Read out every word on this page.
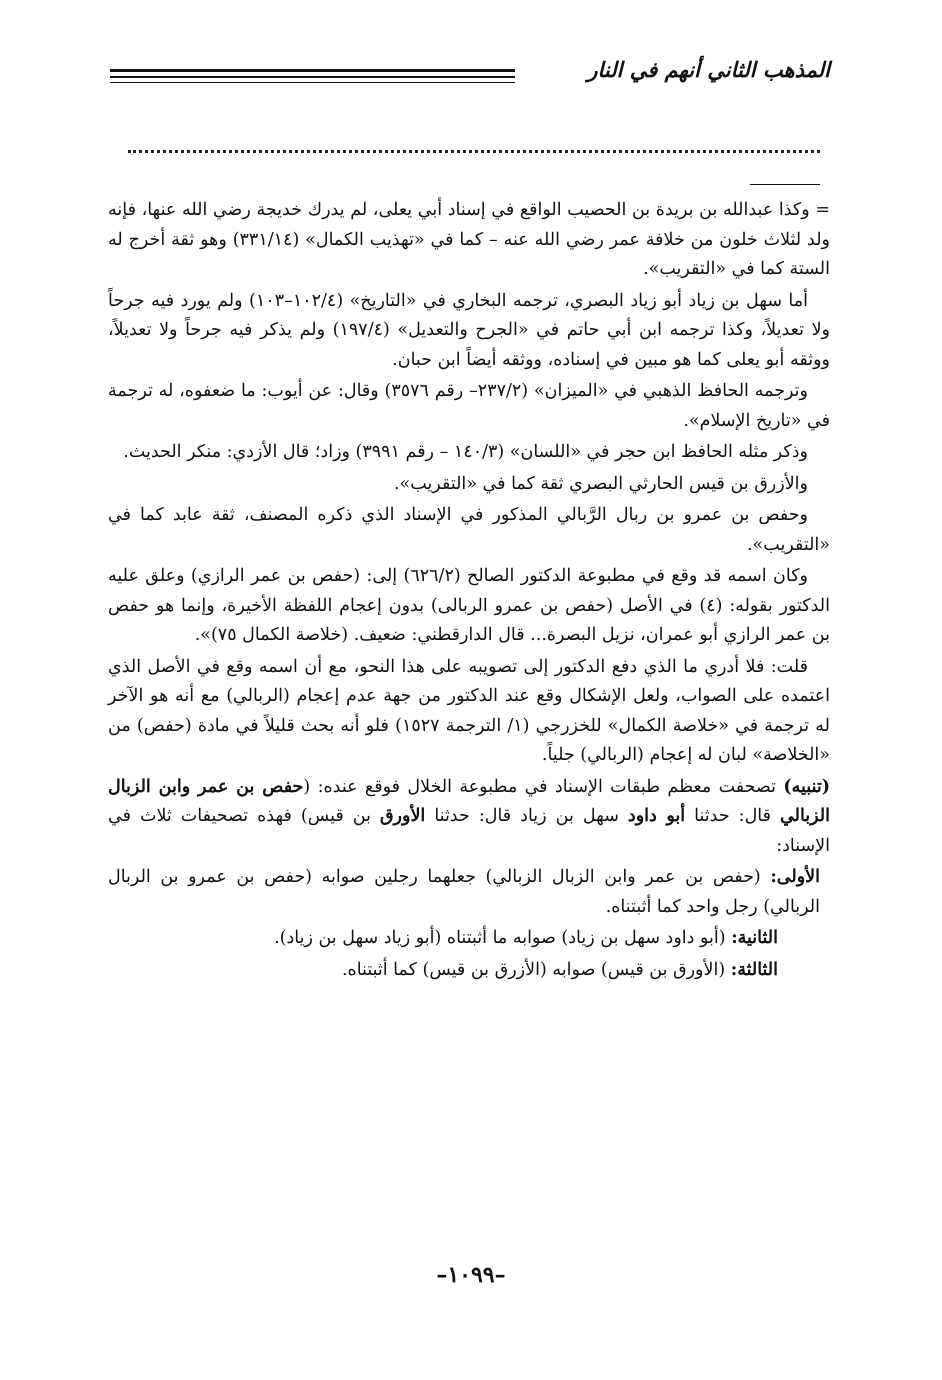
المذهب الثاني أنهم في النار

= وكذا عبدالله بن بريدة بن الحصيب الواقع في إسناد أبي يعلى، لم يدرك خديجة رضي الله عنها، فإنه ولد لثلاث خلون من خلافة عمر رضي الله عنه – كما في «تهذيب الكمال» (٣٣١/١٤) وهو ثقة أخرج له الستة كما في «التقريب».

أما سهل بن زياد أبو زياد البصري، ترجمه البخاري في «التاريخ» (١٠٢/٤–١٠٣) ولم يورد فيه جرحاً ولا تعديلاً، وكذا ترجمه ابن أبي حاتم في «الجرح والتعديل» (١٩٧/٤) ولم يذكر فيه جرحاً ولا تعديلاً، ووثقه أبو يعلى كما هو مبين في إسناده، ووثقه أيضاً ابن حبان.

وترجمه الحافظ الذهبي في «الميزان» (٢٣٧/٢– رقم ٣٥٧٦) وقال: عن أيوب: ما ضعفوه، له ترجمة في «تاريخ الإسلام».

وذكر مثله الحافظ ابن حجر في «اللسان» (١٤٠/٣ – رقم ٣٩٩١) وزاد؛ قال الأزدي: منكر الحديث.

والأزرق بن قيس الحارثي البصري ثقة كما في «التقريب».

وحفص بن عمرو بن ربال الرَّبالي المذكور في الإسناد الذي ذكره المصنف، ثقة عابد كما في «التقريب».

وكان اسمه قد وقع في مطبوعة الدكتور الصالح (٦٢٦/٢) إلى: (حفص بن عمر الرازي) وعلق عليه الدكتور بقوله: (٤) في الأصل (حفص بن عمرو الربالى) بدون إعجام اللفظة الأخيرة، وإنما هو حفص بن عمر الرازي أبو عمران، نزيل البصرة... قال الدارقطني: ضعيف. (خلاصة الكمال ٧٥)».

قلت: فلا أدري ما الذي دفع الدكتور إلى تصويبه على هذا النحو، مع أن اسمه وقع في الأصل الذي اعتمده على الصواب، ولعل الإشكال وقع عند الدكتور من جهة عدم إعجام (الربالي) مع أنه هو الآخر له ترجمة في «خلاصة الكمال» للخزرجي (١/ الترجمة ١٥٢٧) فلو أنه بحث قليلاً في مادة (حفص) من «الخلاصة» لبان له إعجام (الربالي) جلياً.

(تنبيه) تصحفت معظم طبقات الإسناد في مطبوعة الخلال فوقع عنده: (حفص بن عمر وابن الزبال الزبالي قال: حدثنا أبو داود سهل بن زياد قال: حدثنا الأورق بن قيس) فهذه تصحيفات ثلاث في الإسناد:

الأولى: (حفص بن عمر وابن الزبال الزبالي) جعلهما رجلين صوابه (حفص بن عمرو بن الربال الربالي) رجل واحد كما أثبتناه.

الثانية: (أبو داود سهل بن زياد) صوابه ما أثبتناه (أبو زياد سهل بن زياد).

الثالثة: (الأورق بن قيس) صوابه (الأزرق بن قيس) كما أثبتناه.

–١٠٩٩–
